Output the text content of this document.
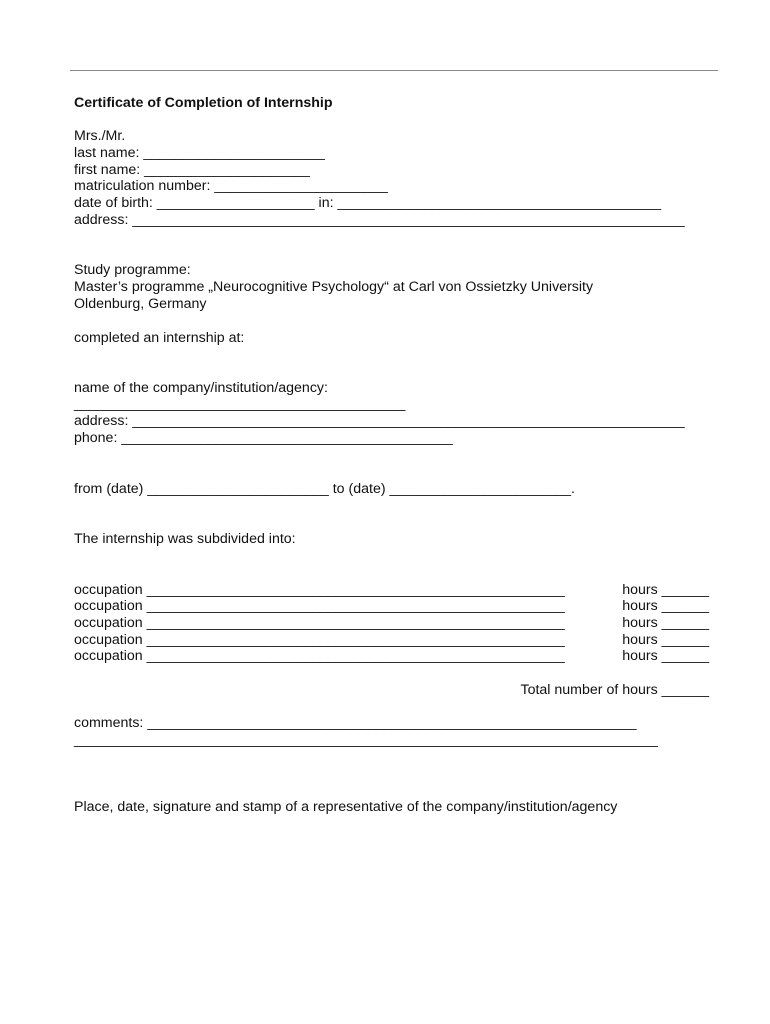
Certificate of Completion of Internship
Mrs./Mr.
last name: _______________________
first name: _____________________
matriculation number: ______________________
date of birth: ____________________ in: _________________________________________
address: ______________________________________________________________________
Study programme:
Master’s programme „Neurocognitive Psychology“ at Carl von Ossietzky University
Oldenburg, Germany
completed an internship at:
name of the company/institution/agency:
__________________________________________
address: ______________________________________________________________________
phone: __________________________________________
from (date) _______________________ to (date) _______________________.
The internship was subdivided into:
occupation _____________________________________________________	hours ______
occupation _____________________________________________________	hours ______
occupation _____________________________________________________	hours ______
occupation _____________________________________________________	hours ______
occupation _____________________________________________________	hours ______
Total number of hours ______
comments: ______________________________________________________________
__________________________________________________________________________
Place, date, signature and stamp of a representative of the company/institution/agency
